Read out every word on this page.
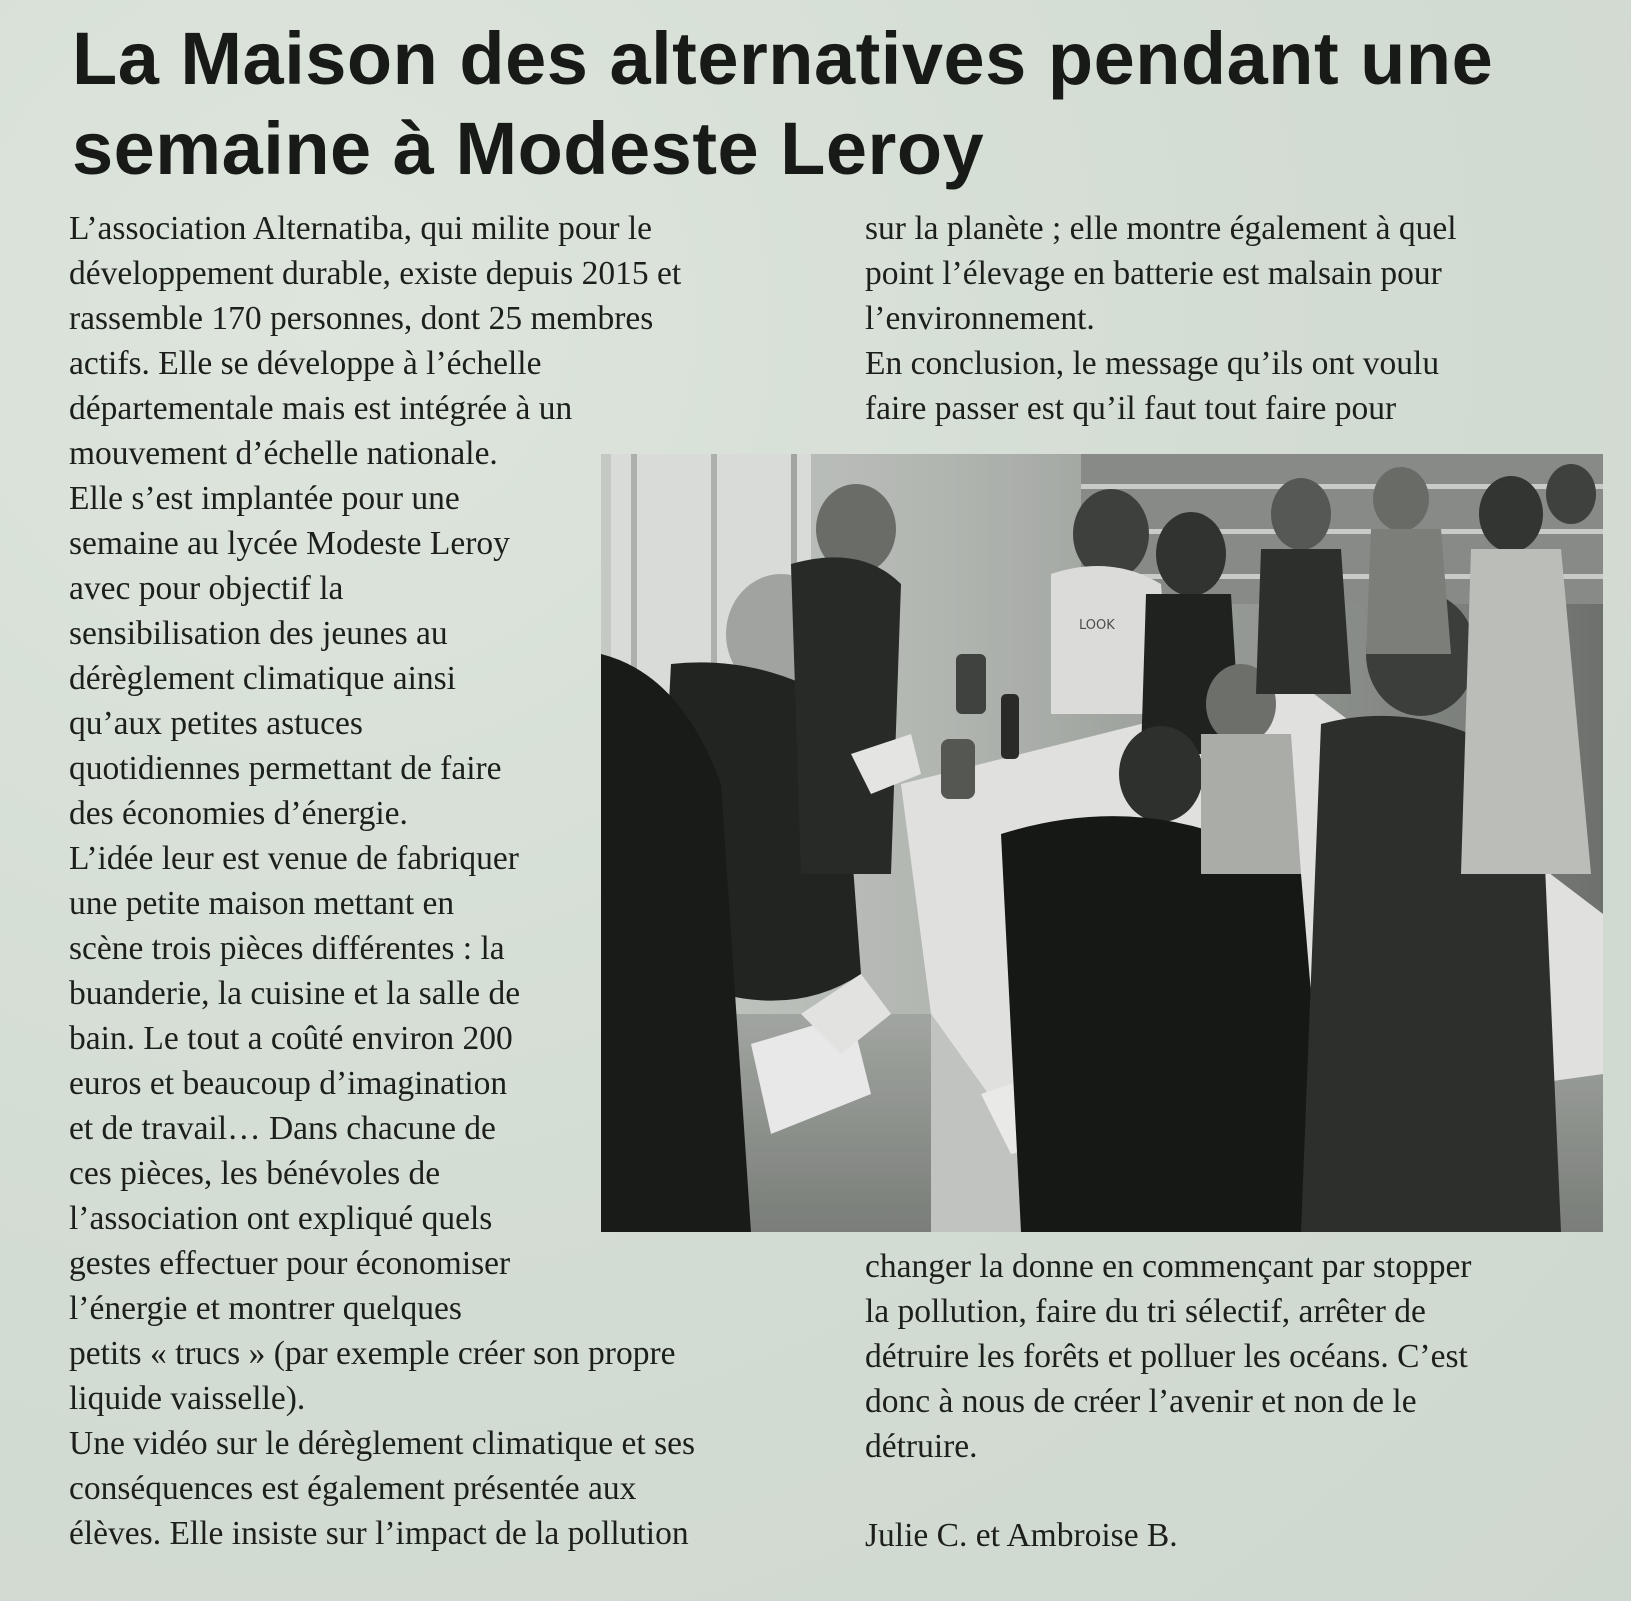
La Maison des alternatives pendant une
semaine à Modeste Leroy
L’association Alternatiba, qui milite pour le
développement durable, existe depuis 2015 et
rassemble 170 personnes, dont 25 membres
actifs. Elle se développe à l’échelle
départementale mais est intégrée à un
mouvement d’échelle nationale.
Elle s’est implantée pour une
semaine au lycée Modeste Leroy
avec pour objectif la
sensibilisation des jeunes au
dérèglement climatique ainsi
qu’aux petites astuces
quotidiennes permettant de faire
des économies d’énergie.
L’idée leur est venue de fabriquer
une petite maison mettant en
scène trois pièces différentes : la
buanderie, la cuisine et la salle de
bain. Le tout a coûté environ 200
euros et beaucoup d’imagination
et de travail… Dans chacune de
ces pièces, les bénévoles de
l’association ont expliqué quels
gestes effectuer pour économiser
l’énergie et montrer quelques
petits « trucs » (par exemple créer son propre
liquide vaisselle).
Une vidéo sur le dérèglement climatique et ses
conséquences est également présentée aux
élèves. Elle insiste sur l’impact de la pollution
sur la planète ; elle montre également à quel
point l’élevage en batterie est malsain pour
l’environnement.
En conclusion, le message qu’ils ont voulu
faire passer est qu’il faut tout faire pour
LOOK
changer la donne en commençant par stopper
la pollution, faire du tri sélectif, arrêter de
détruire les forêts et polluer les océans. C’est
donc à nous de créer l’avenir et non de le
détruire.
Julie C. et Ambroise B.
